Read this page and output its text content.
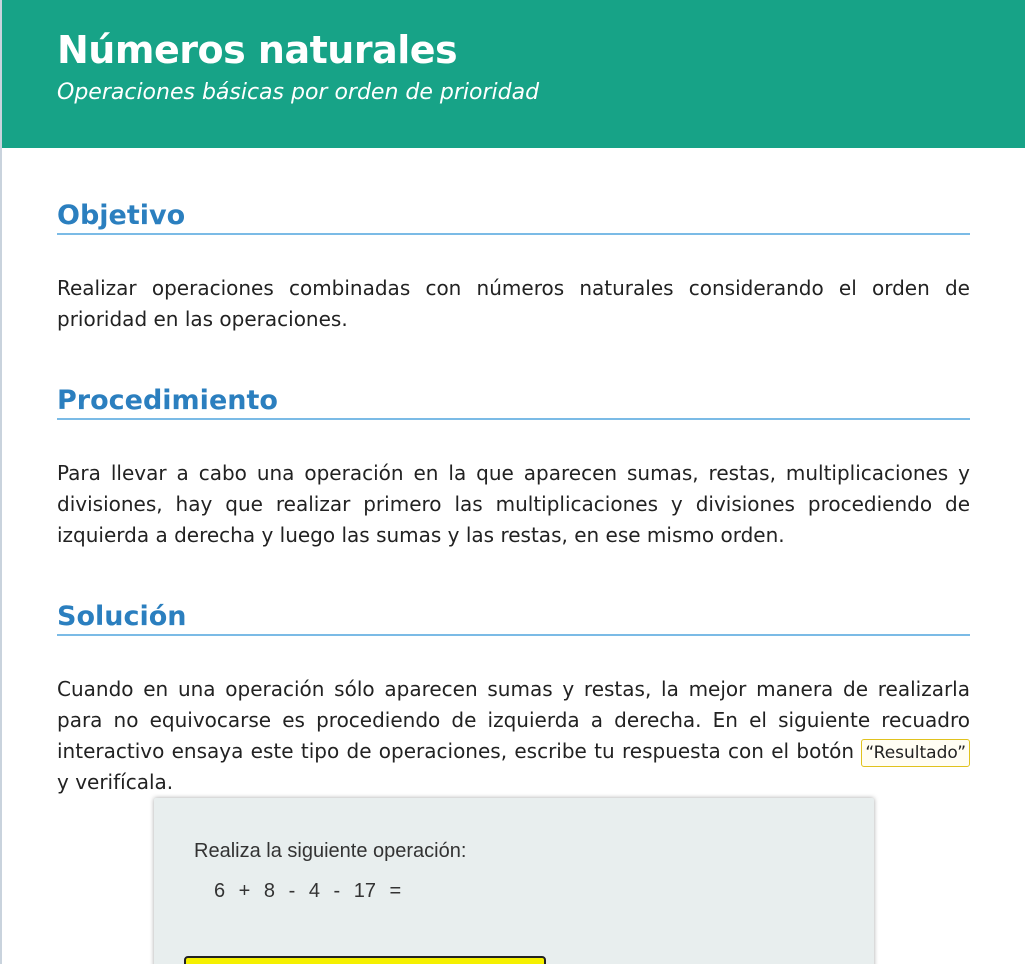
Números naturales

Operaciones básicas por orden de prioridad

Objetivo

Realizar operaciones combinadas con números naturales considerando el orden de prioridad en las operaciones.

Procedimiento

Para llevar a cabo una operación en la que aparecen sumas, restas, multiplicaciones y divisiones, hay que realizar primero las multiplicaciones y divisiones procediendo de izquierda a derecha y luego las sumas y las restas, en ese mismo orden.

Solución

Cuando en una operación sólo aparecen sumas y restas, la mejor manera de realizarla para no equivocarse es procediendo de izquierda a derecha. En el siguiente recuadro interactivo ensaya este tipo de operaciones, escribe tu respuesta con el botón “Resultado” y verifícala.

Realiza la siguiente operación:
6 + 8 - 4 - 17 =
